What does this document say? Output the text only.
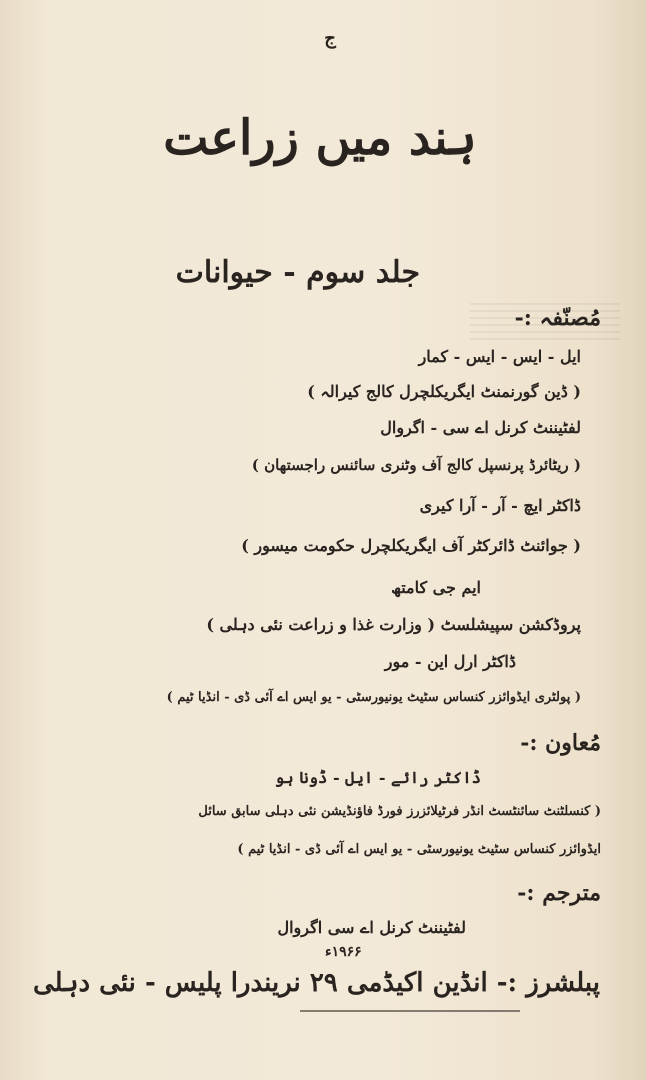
ج
ہند میں زراعت
جلد سوم - حیوانات
مُصنّفہ :-
ایل - ایس - ایس - کمار
( ڈین گورنمنٹ ایگریکلچرل کالج کیرالہ )
لفٹیننٹ کرنل اے سی - اگروال
( ریٹائرڈ پرنسپل کالج آف وٹنری سائنس راجستھان )
ڈاکٹر ایچ - آر - آرا کیری
( جوائنٹ ڈائرکٹر آف ایگریکلچرل حکومت میسور )
ایم جی کامتھ
پروڈکشن سپیشلسٹ ( وزارت غذا و زراعت نئی دہلی )
ڈاکٹر ارل این - مور
( پولٹری ایڈوائزر کنساس سٹیٹ یونیورسٹی - یو ایس اے آئی ڈی - انڈیا ٹیم )
مُعاون :-
ڈاکٹر رائے - ایل - ڈونا ہو
( کنسلٹنٹ سائنٹسٹ انڈر فرٹیلائزرز فورڈ فاؤنڈیشن نئی دہلی سابق سائل
ایڈوائزر کنساس سٹیٹ یونیورسٹی - یو ایس اے آئی ڈی - انڈیا ٹیم )
مترجم :-
لفٹیننٹ کرنل اے سی اگروال
۱۹۶۶ء
پبلشرز :- انڈین اکیڈمی ۲۹ نریندرا پلیس - نئی دہلی
